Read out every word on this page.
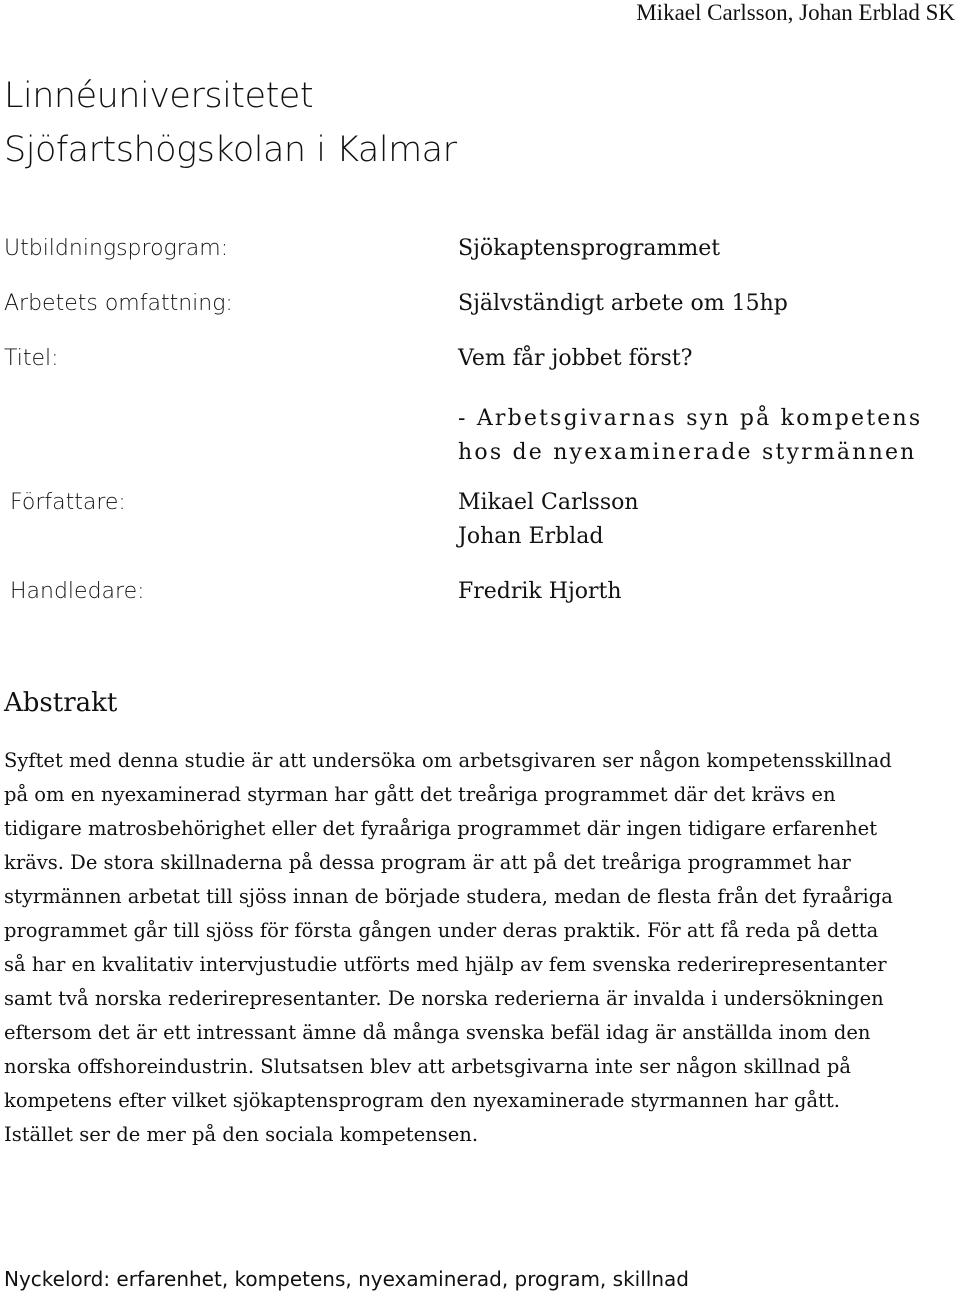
Mikael Carlsson, Johan Erblad SK
Linnéuniversitetet
Sjöfartshögskolan i Kalmar
Utbildningsprogram:	Sjökaptensprogrammet
Arbetets omfattning:	Självständigt arbete om 15hp
Titel:	Vem får jobbet först?
- Arbetsgivarnas syn på kompetens
hos de nyexaminerade styrmännen
Författare:	Mikael Carlsson
Johan Erblad
Handledare:	Fredrik Hjorth
Abstrakt

Syftet med denna studie är att undersöka om arbetsgivaren ser någon kompetensskillnad på om en nyexaminerad styrman har gått det treåriga programmet där det krävs en tidigare matrosbehörighet eller det fyraåriga programmet där ingen tidigare erfarenhet krävs. De stora skillnaderna på dessa program är att på det treåriga programmet har styrmännen arbetat till sjöss innan de började studera, medan de flesta från det fyraåriga programmet går till sjöss för första gången under deras praktik. För att få reda på detta så har en kvalitativ intervjustudie utförts med hjälp av fem svenska rederirepresentanter samt två norska rederirepresentanter. De norska rederierna är invalda i undersökningen eftersom det är ett intressant ämne då många svenska befäl idag är anställda inom den norska offshoreindustrin. Slutsatsen blev att arbetsgivarna inte ser någon skillnad på kompetens efter vilket sjökaptensprogram den nyexaminerade styrmannen har gått. Istället ser de mer på den sociala kompetensen.

Nyckelord: erfarenhet, kompetens, nyexaminerad, program, skillnad
